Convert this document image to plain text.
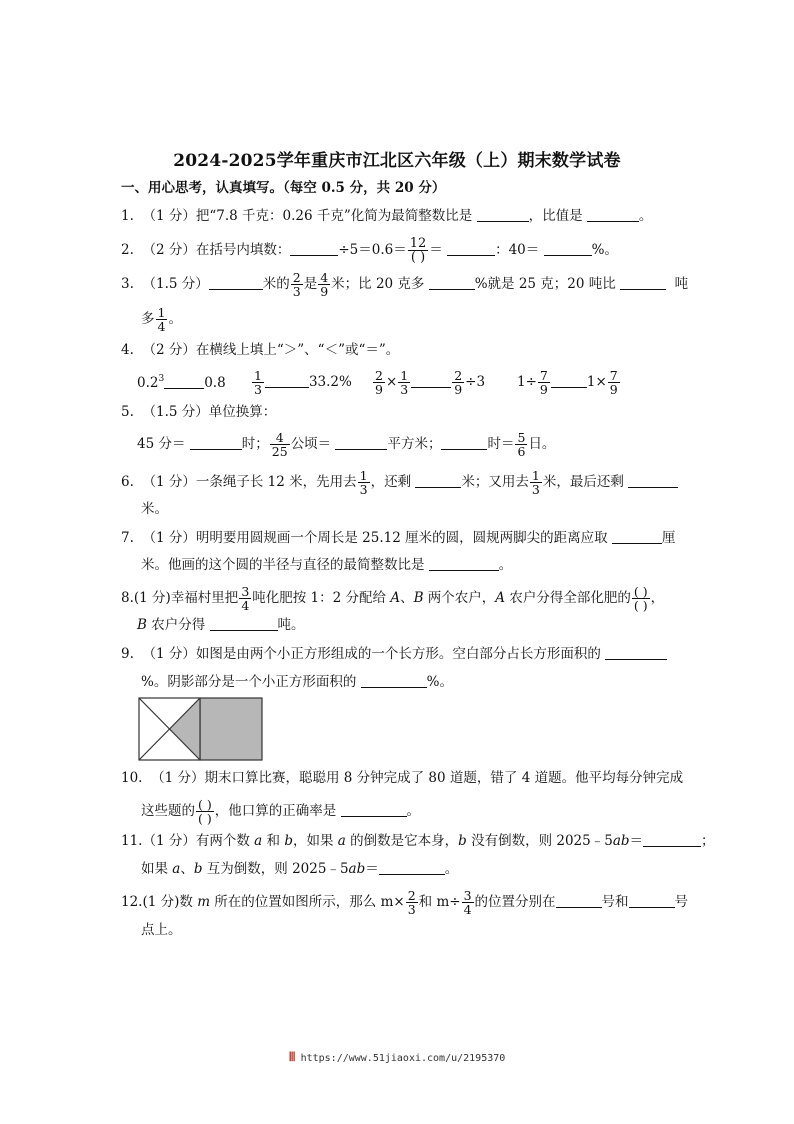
2024-2025学年重庆市江北区六年级（上）期末数学试卷
一、用心思考，认真填写。（每空 0.5 分，共 20 分）
1. （1 分）把“7.8 千克：0.26 千克”化简为最简整数比是	，比值是	。
2. （2 分）在括号内填数：	÷5＝0.6＝ 12
( ) ＝	：40＝	%。
3. （1.5 分）	米的 $\frac{2}{3}$ 是 $\frac{4}{9}$ 米；比 20 克多	%就是 25 克；20 吨比	吨
多 $\frac{1}{4}$ 。
4. （2 分）在横线上填上“＞”、“＜”或“＝”。
$0.2^3$	$0.8 \frac{1}{3}$	$33.2\% \frac{2}{9} \times \frac{1}{3}$	$\frac{2}{9} \div 3$ $1\div \frac{7}{9}$	$1\times \frac{7}{9}$
5. （1.5 分）单位换算：
45 分＝	时； $\frac{4}{25}$ 公顷＝	平方米；	时＝ $\frac{5}{6}$ 日。
6. （1 分）一条绳子长 12 米，先用去 $\frac{1}{3}$ ，还剩	米；又用去 $\frac{1}{3}$ 米，最后还剩
米。
7. （1 分）明明要用圆规画一个周长是 25.12 厘米的圆，圆规两脚尖的距离应取	厘
米。他画的这个圆的半径与直径的最简整数比是	。
8.(1 分)幸福村里把 $\frac{3}{4}$ 吨化肥按 1：2 分配给 A、B 两个农户，A 农户分得全部化肥的 ( )
( ) ，
B 农户分得	吨。
9. （1 分）如图是由两个小正方形组成的一个长方形。空白部分占长方形面积的
%。阴影部分是一个小正方形面积的	%。
10. （1 分）期末口算比赛，聪聪用 8 分钟完成了 80 道题，错了 4 道题。他平均每分钟完成
这些题的 ( )
( ) ，他口算的正确率是	。
11.（1 分）有两个数 a 和 b，如果 a 的倒数是它本身，b 没有倒数，则 2025﹣5ab＝	；
如果 a、b 互为倒数，则 2025﹣5ab＝	。
12.(1 分)数 m 所在的位置如图所示，那么 $m\times \frac{2}{3}$ 和 $m\div \frac{3}{4}$ 的位置分别在	号和	号
点上。
ꟾꟾꟾ https://www.51jiaoxi.com/u/2195370
